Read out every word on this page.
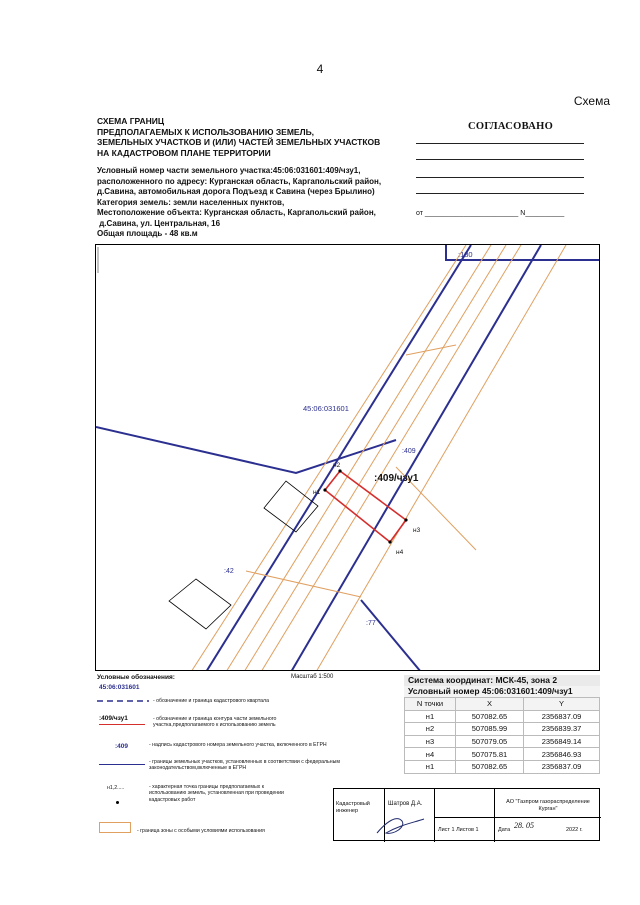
4
Схема
СХЕМА ГРАНИЦ
ПРЕДПОЛАГАЕМЫХ К ИСПОЛЬЗОВАНИЮ ЗЕМЕЛЬ,
ЗЕМЕЛЬНЫХ УЧАСТКОВ И (ИЛИ) ЧАСТЕЙ ЗЕМЕЛЬНЫХ УЧАСТКОВ
НА КАДАСТРОВОМ ПЛАНЕ ТЕРРИТОРИИ
Условный номер части земельного участка:45:06:031601:409/чзу1,
расположенного по адресу: Курганская область, Каргапольский район,
д.Савина, автомобильная дорога Подъезд к Савина (через Брылино)
Категория земель: земли населенных пунктов,
Местоположение объекта: Курганская область, Каргапольский район,
д.Савина, ул. Центральная, 16
Общая площадь - 48 кв.м
СОГЛАСОВАНО
от ________________________ N__________
:180
45:06:031601
:409
:409/чзу1
:42
:77
н1
н2
н3
н4
Условные обозначения:	Масштаб 1:500
45:06:031601
- обозначение и граница кадастрового квартала
:409/чзу1	- обозначение и граница контура части земельного участка,предполагаемого к использованию земель
:409	- надпись кадастрового номера земельного участка, включенного в ЕГРН
- границы земельных участков, установленных в соответствии с федеральным законодательством,включенные в ЕГРН
н1,2.....	- характерная точка границы предполагаемых к использованию земель, установленная при проведении кадастровых работ
- граница зоны с особыми условиями использования
Система координат: МСК-45, зона 2
Условный номер 45:06:031601:409/чзу1
N точки	X	Y
н1	507082.65	2356837.09
н2	507085.99	2356839.37
н3	507079.05	2356849.14
н4	507075.81	2356846.93
н1	507082.65	2356837.09
Кадастровый инженер
Шатров Д.А.	АО "Газпром газораспределение Курган"
Лист 1 Листов 1	Дата 28. 05	2022 г.
